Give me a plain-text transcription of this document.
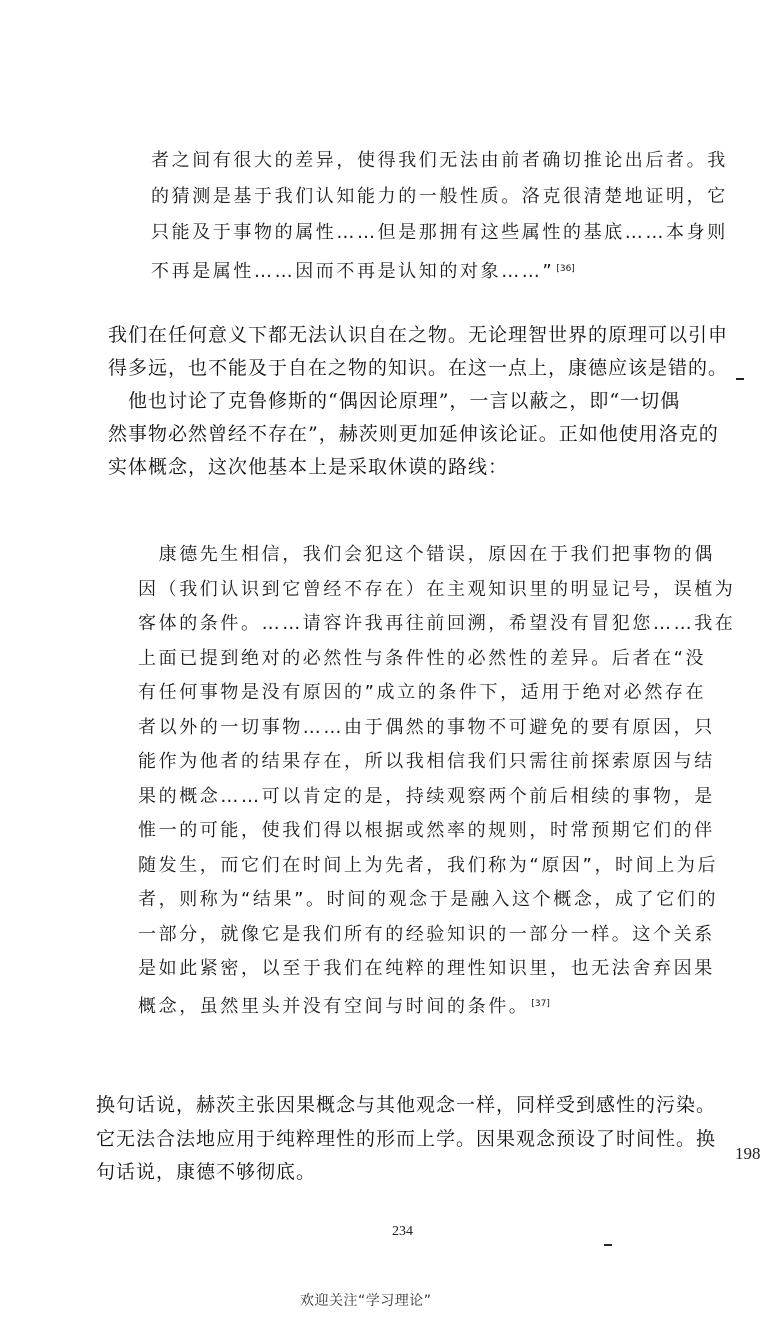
者之间有很大的差异，使得我们无法由前者确切推论出后者。我
的猜测是基于我们认知能力的一般性质。洛克很清楚地证明，它
只能及于事物的属性……但是那拥有这些属性的基底……本身则
不再是属性……因而不再是认知的对象……” [36]
我们在任何意义下都无法认识自在之物。无论理智世界的原理可以引申
得多远，也不能及于自在之物的知识。在这一点上，康德应该是错的。
　他也讨论了克鲁修斯的“偶因论原理”，一言以蔽之，即“一切偶
然事物必然曾经不存在”，赫茨则更加延伸该论证。正如他使用洛克的
实体概念，这次他基本上是采取休谟的路线：
　康德先生相信，我们会犯这个错误，原因在于我们把事物的偶
因（我们认识到它曾经不存在）在主观知识里的明显记号，误植为
客体的条件。……请容许我再往前回溯，希望没有冒犯您……我在
上面已提到绝对的必然性与条件性的必然性的差异。后者在“没
有任何事物是没有原因的”成立的条件下，适用于绝对必然存在
者以外的一切事物……由于偶然的事物不可避免的要有原因，只
能作为他者的结果存在，所以我相信我们只需往前探索原因与结
果的概念……可以肯定的是，持续观察两个前后相续的事物，是
惟一的可能，使我们得以根据或然率的规则，时常预期它们的伴
随发生，而它们在时间上为先者，我们称为“原因”，时间上为后
者，则称为“结果”。时间的观念于是融入这个概念，成了它们的
一部分，就像它是我们所有的经验知识的一部分一样。这个关系
是如此紧密，以至于我们在纯粹的理性知识里，也无法舍弃因果
概念，虽然里头并没有空间与时间的条件。 [37]
换句话说，赫茨主张因果概念与其他观念一样，同样受到感性的污染。
它无法合法地应用于纯粹理性的形而上学。因果观念预设了时间性。换
句话说，康德不够彻底。
198
234
欢迎关注“学习理论”
